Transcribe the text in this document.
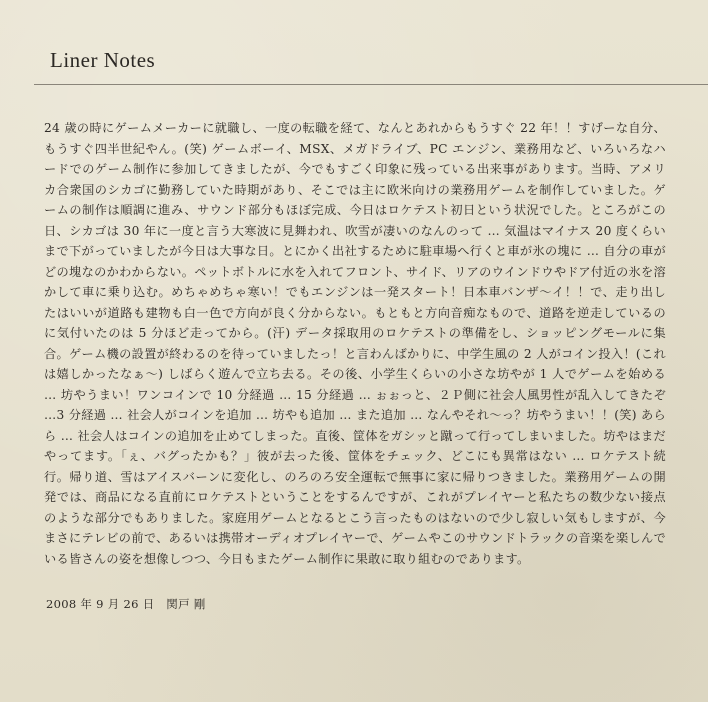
Liner Notes

24 歳の時にゲームメーカーに就職し、一度の転職を経て、なんとあれからもうすぐ 22 年！！すげーな自分、もうすぐ四半世紀やん。(笑) ゲームボーイ、MSX、メガドライブ、PC エンジン、業務用など、いろいろなハードでのゲーム制作に参加してきましたが、今でもすごく印象に残っている出来事があります。当時、アメリカ合衆国のシカゴに勤務していた時期があり、そこでは主に欧米向けの業務用ゲームを制作していました。ゲームの制作は順調に進み、サウンド部分もほぼ完成、今日はロケテスト初日という状況でした。ところがこの日、シカゴは 30 年に一度と言う大寒波に見舞われ、吹雪が凄いのなんのって … 気温はマイナス 20 度くらいまで下がっていましたが今日は大事な日。とにかく出社するために駐車場へ行くと車が氷の塊に … 自分の車がどの塊なのかわからない。ペットボトルに水を入れてフロント、サイド、リアのウインドウやドア付近の氷を溶かして車に乗り込む。めちゃめちゃ寒い！でもエンジンは一発スタート！日本車バンザ〜イ！！で、走り出したはいいが道路も建物も白一色で方向が良く分からない。もともと方向音痴なもので、道路を逆走しているのに気付いたのは 5 分ほど走ってから。(汗) データ採取用のロケテストの準備をし、ショッピングモールに集合。ゲーム機の設置が終わるのを待っていましたっ！と言わんばかりに、中学生風の 2 人がコイン投入！(これは嬉しかったなぁ〜) しばらく遊んで立ち去る。その後、小学生くらいの小さな坊やが 1 人でゲームを始める … 坊やうまい！ワンコインで 10 分経過 … 15 分経過 … ぉぉっと、２Ｐ側に社会人風男性が乱入してきたぞ …3 分経過 … 社会人がコインを追加 … 坊やも追加 … また追加 … なんやそれ〜っ？坊やうまい！！(笑) あらら … 社会人はコインの追加を止めてしまった。直後、筐体をガシッと蹴って行ってしまいました。坊やはまだやってます。「ぇ、バグったかも？」彼が去った後、筐体をチェック、どこにも異常はない … ロケテスト続行。帰り道、雪はアイスバーンに変化し、のろのろ安全運転で無事に家に帰りつきました。業務用ゲームの開発では、商品になる直前にロケテストということをするんですが、これがプレイヤーと私たちの数少ない接点のような部分でもありました。家庭用ゲームとなるとこう言ったものはないので少し寂しい気もしますが、今まさにテレビの前で、あるいは携帯オーディオプレイヤーで、ゲームやこのサウンドトラックの音楽を楽しんでいる皆さんの姿を想像しつつ、今日もまたゲーム制作に果敢に取り組むのであります。

2008 年 9 月 26 日　関戸 剛
